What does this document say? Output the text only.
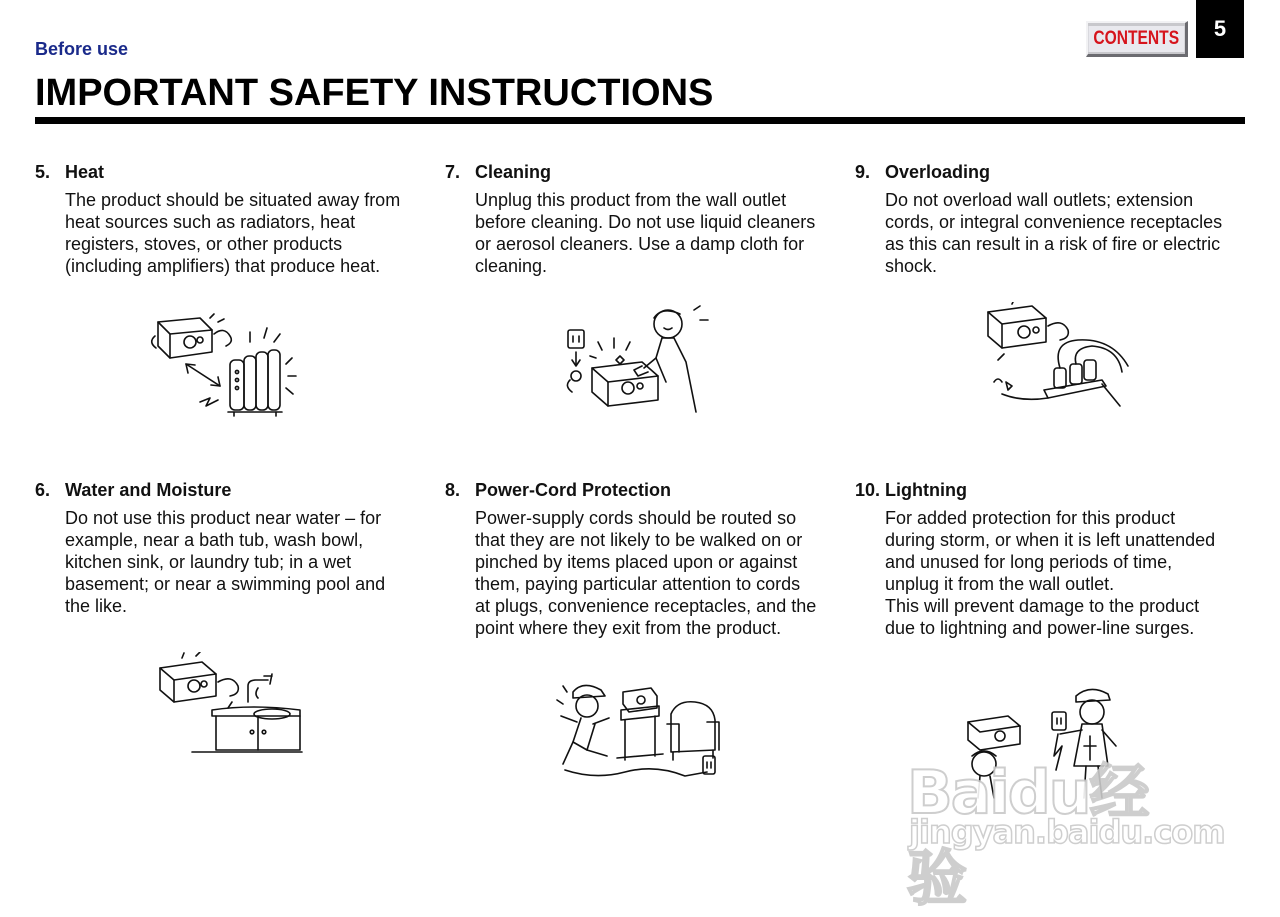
Before use
IMPORTANT SAFETY INSTRUCTIONS
CONTENTS	5
5. Heat
The product should be situated away from heat sources such as radiators, heat registers, stoves, or other products (including amplifiers) that produce heat.
6. Water and Moisture
Do not use this product near water – for example, near a bath tub, wash bowl, kitchen sink, or laundry tub; in a wet basement; or near a swimming pool and the like.
7. Cleaning
Unplug this product from the wall outlet before cleaning. Do not use liquid cleaners or aerosol cleaners. Use a damp cloth for cleaning.
8. Power-Cord Protection
Power-supply cords should be routed so that they are not likely to be walked on or pinched by items placed upon or against them, paying particular attention to cords at plugs, convenience receptacles, and the point where they exit from the product.
9. Overloading
Do not overload wall outlets; extension cords, or integral convenience receptacles as this can result in a risk of fire or electric shock.
10. Lightning
For added protection for this product during storm, or when it is left unattended and unused for long periods of time, unplug it from the wall outlet.
This will prevent damage to the product due to lightning and power-line surges.
Baidu经验
jingyan.baidu.com
